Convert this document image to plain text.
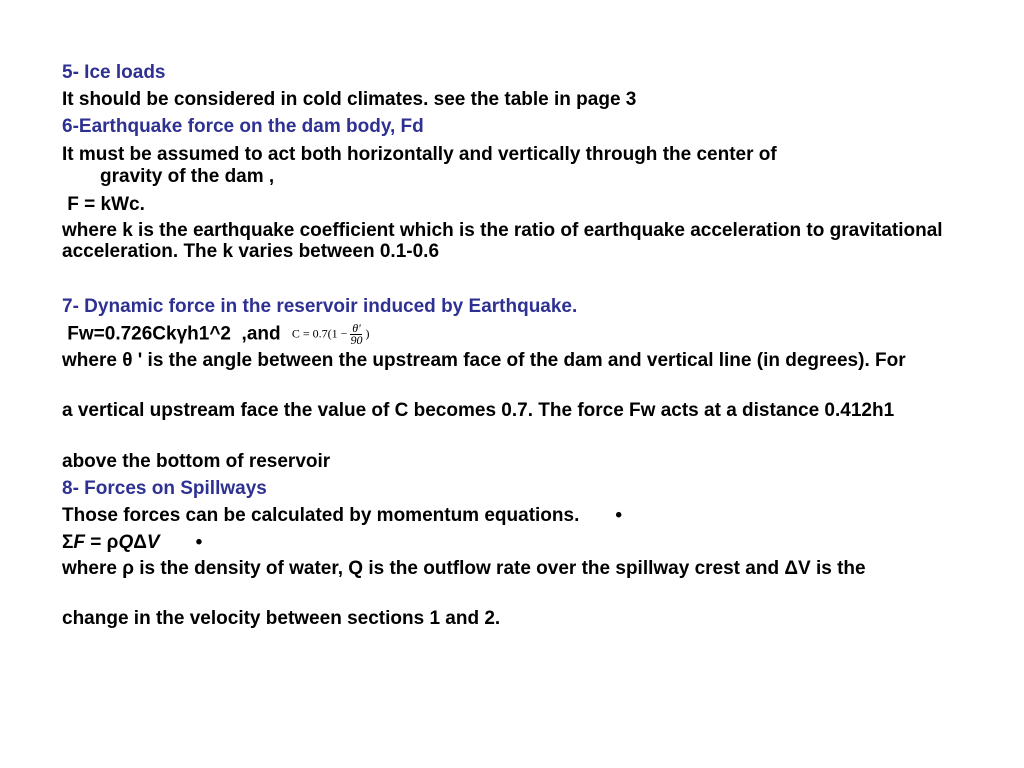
5- Ice loads
It should be considered in cold climates. see the table in page 3
6-Earthquake force on the dam body, Fd
It must be assumed to act both horizontally and vertically through the center of
gravity of the dam ,
F = kWc.
where k is the earthquake coefficient which is the ratio of earthquake acceleration to gravitational acceleration. The k varies between 0.1-0.6
7- Dynamic force in the reservoir induced by Earthquake.
Fw=0.726Ckγh1^2  ,and $C = 0.7(1 - \frac{\theta'}{90}$ )
where θ ' is the angle between the upstream face of the dam and vertical line (in degrees). For
a vertical upstream face the value of C becomes 0.7. The force Fw acts at a distance 0.412h1
above the bottom of reservoir
8- Forces on Spillways
Those forces can be calculated by momentum equations. •
ΣF = ρQΔV •
where ρ is the density of water, Q is the outflow rate over the spillway crest and ΔV is the
change in the velocity between sections 1 and 2.
